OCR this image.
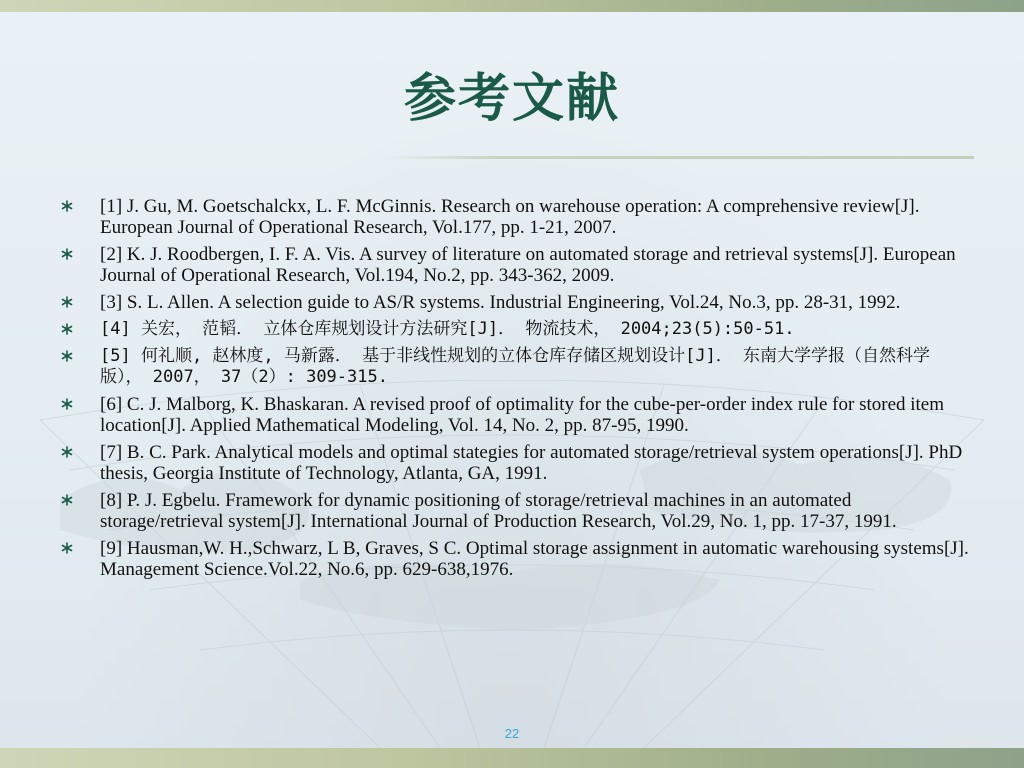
参考文献
[1] J. Gu, M. Goetschalckx, L. F. McGinnis. Research on warehouse operation: A comprehensive review[J]. European Journal of Operational Research, Vol.177, pp. 1-21, 2007.
[2] K. J. Roodbergen, I. F. A. Vis. A survey of literature on automated storage and retrieval systems[J]. European Journal of Operational Research, Vol.194, No.2, pp. 343-362, 2009.
[3] S. L. Allen. A selection guide to AS/R systems. Industrial Engineering, Vol.24, No.3, pp. 28-31, 1992.
[4] 关宏， 范韬． 立体仓库规划设计方法研究[J]． 物流技术， 2004;23(5):50-51.
[5] 何礼顺, 赵林度, 马新露． 基于非线性规划的立体仓库存储区规划设计[J]． 东南大学学报（自然科学版）， 2007， 37（2）: 309-315.
[6] C. J. Malborg, K. Bhaskaran. A revised proof of optimality for the cube-per-order index rule for stored item location[J]. Applied Mathematical Modeling, Vol. 14, No. 2, pp. 87-95, 1990.
[7] B. C. Park. Analytical models and optimal stategies for automated storage/retrieval system operations[J]. PhD thesis, Georgia Institute of Technology, Atlanta, GA, 1991.
[8] P. J. Egbelu. Framework for dynamic positioning of storage/retrieval machines in an automated storage/retrieval system[J]. International Journal of Production Research, Vol.29, No. 1, pp. 17-37, 1991.
[9] Hausman,W. H.,Schwarz, L B, Graves, S C. Optimal storage assignment in automatic warehousing systems[J]. Management Science.Vol.22, No.6, pp. 629-638,1976.
22
